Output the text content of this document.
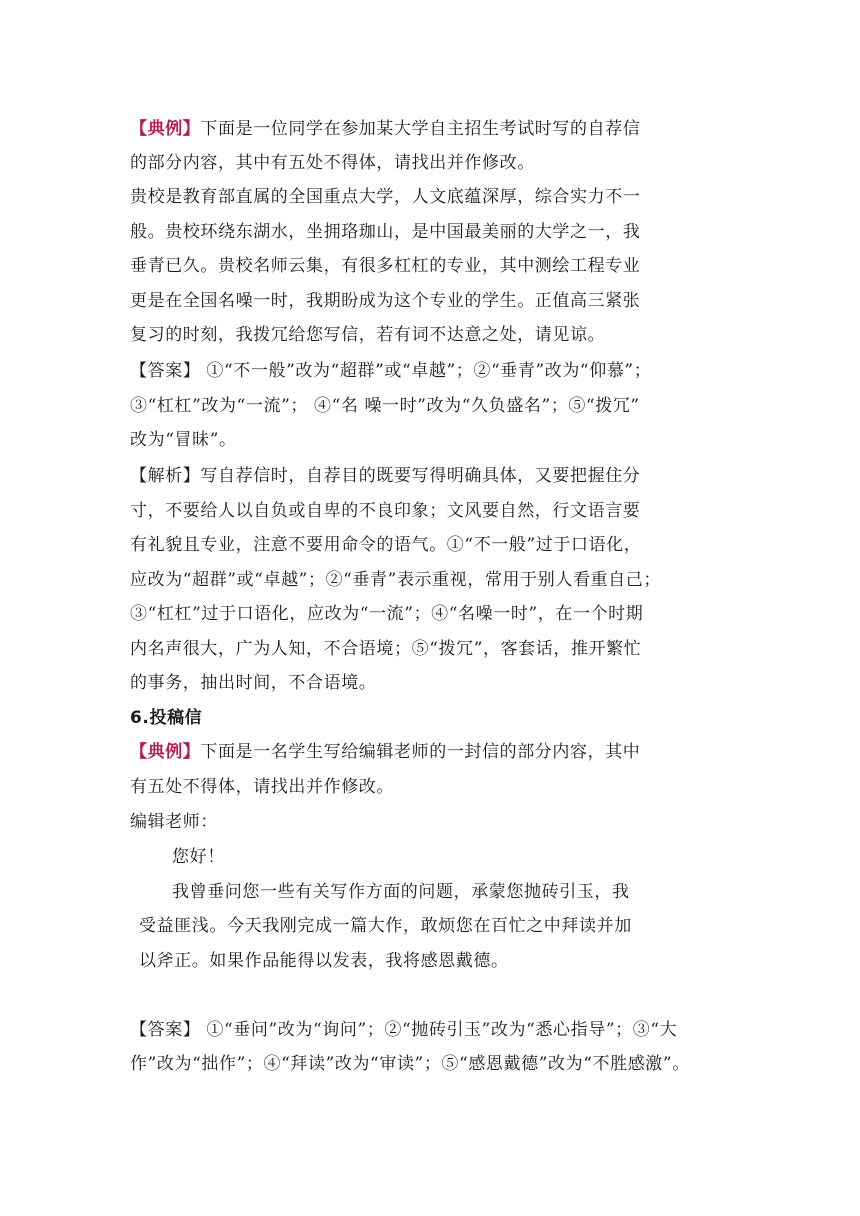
【典例】下面是一位同学在参加某大学自主招生考试时写的自荐信
的部分内容，其中有五处不得体，请找出并作修改。
贵校是教育部直属的全国重点大学，人文底蕴深厚，综合实力不一
般。贵校环绕东湖水，坐拥珞珈山，是中国最美丽的大学之一，我
垂青已久。贵校名师云集，有很多杠杠的专业，其中测绘工程专业
更是在全国名噪一时，我期盼成为这个专业的学生。正值高三紧张
复习的时刻，我拨冗给您写信，若有词不达意之处，请见谅。
【答案】 ①“不一般”改为“超群”或“卓越”；②“垂青”改为“仰慕”；
③“杠杠”改为“一流”； ④“名 噪一时”改为“久负盛名”；⑤“拨冗”
改为“冒昧”。
【解析】写自荐信时，自荐目的既要写得明确具体，又要把握住分
寸，不要给人以自负或自卑的不良印象；文风要自然，行文语言要
有礼貌且专业，注意不要用命令的语气。①“不一般”过于口语化，
应改为“超群”或“卓越”；②“垂青”表示重视，常用于别人看重自己；
③“杠杠”过于口语化，应改为“一流”；④“名噪一时”，在一个时期
内名声很大，广为人知，不合语境；⑤“拨冗”，客套话，推开繁忙
的事务，抽出时间，不合语境。
6.投稿信
【典例】下面是一名学生写给编辑老师的一封信的部分内容，其中
有五处不得体，请找出并作修改。
编辑老师：
您好！
我曾垂问您一些有关写作方面的问题，承蒙您抛砖引玉，我
受益匪浅。今天我刚完成一篇大作，敢烦您在百忙之中拜读并加
以斧正。如果作品能得以发表，我将感恩戴德。
【答案】 ①“垂问”改为“询问”；②“抛砖引玉”改为“悉心指导”；③“大
作”改为“拙作”；④“拜读”改为“审读”；⑤“感恩戴德”改为“不胜感激”。
